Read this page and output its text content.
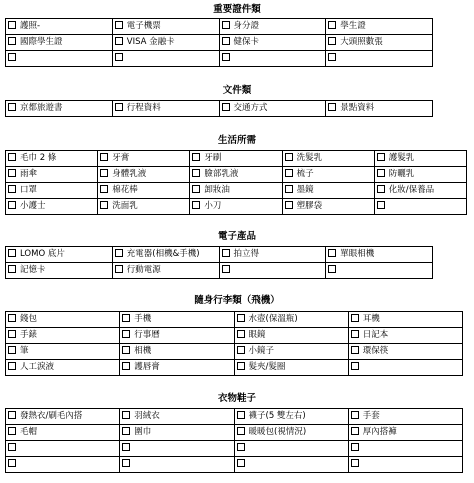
重要證件類
護照-	電子機票	身分證	學生證
國際學生證	VISA 金融卡	健保卡	大頭照數張

文件類
京都旅遊書	行程資料	交通方式	景點資料
生活所需
毛巾 2 條	牙膏	牙刷	洗髮乳	護髮乳
雨傘	身體乳液	臉部乳液	梳子	防曬乳
口罩	棉花棒	卸妝油	墨鏡	化妝/保養品
小護士	洗面乳	小刀	塑膠袋	
電子產品
LOMO 底片	充電器(相機&手機)	拍立得	單眼相機
記憶卡	行動電源		
隨身行李類（飛機）
錢包	手機	水壺(保溫瓶)	耳機
手錶	行事曆	眼鏡	日記本
筆	相機	小鏡子	環保筷
人工淚液	護唇膏	髮夾/髮圈	
衣物鞋子
發熱衣/刷毛內搭	羽絨衣	襪子(5 雙左右)	手套
毛帽	圍巾	暖暖包(視情況)	厚內搭褲
